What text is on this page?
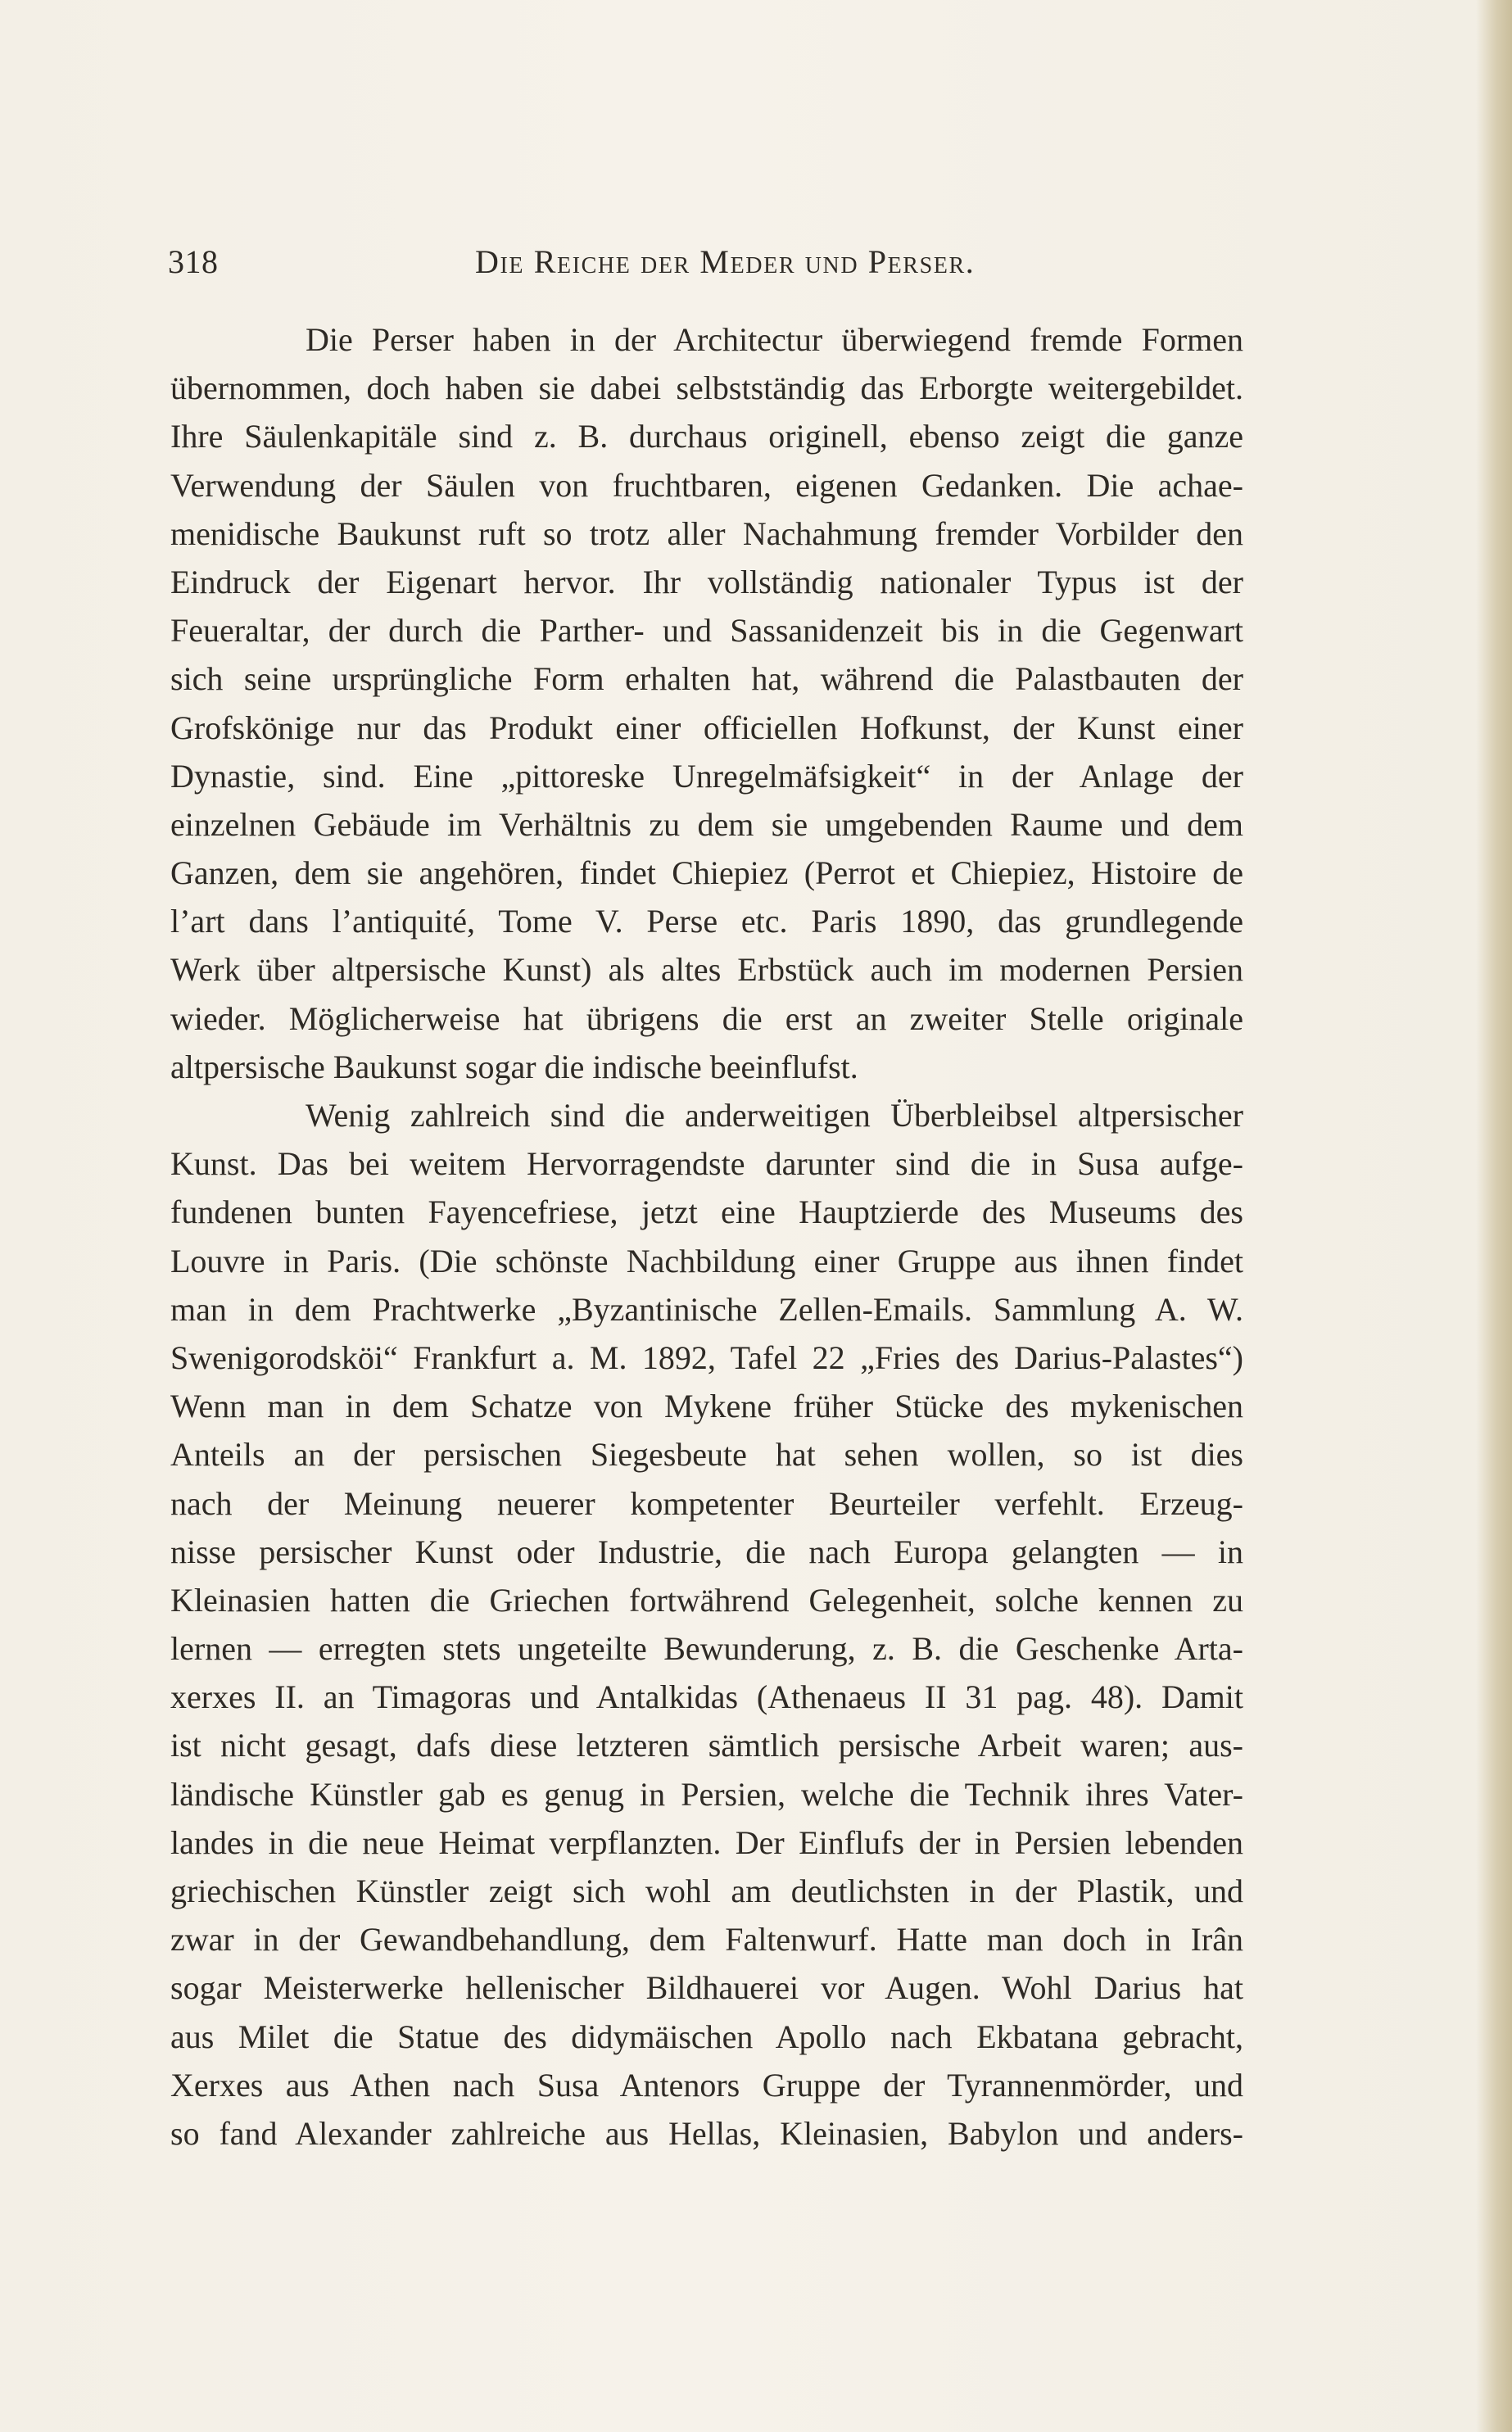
318	Die Reiche der Meder und Perser.
Die Perser haben in der Architectur überwiegend fremde Formen
übernommen, doch haben sie dabei selbstständig das Erborgte weitergebildet.
Ihre Säulenkapitäle sind z. B. durchaus originell, ebenso zeigt die ganze
Verwendung der Säulen von fruchtbaren, eigenen Gedanken. Die achae-
menidische Baukunst ruft so trotz aller Nachahmung fremder Vorbilder den
Eindruck der Eigenart hervor. Ihr vollständig nationaler Typus ist der
Feueraltar, der durch die Parther- und Sassanidenzeit bis in die Gegenwart
sich seine ursprüngliche Form erhalten hat, während die Palastbauten der
Grofskönige nur das Produkt einer officiellen Hofkunst, der Kunst einer
Dynastie, sind. Eine „pittoreske Unregelmäfsigkeit“ in der Anlage der
einzelnen Gebäude im Verhältnis zu dem sie umgebenden Raume und dem
Ganzen, dem sie angehören, findet Chiepiez (Perrot et Chiepiez, Histoire de
l’art dans l’antiquité, Tome V. Perse etc. Paris 1890, das grundlegende
Werk über altpersische Kunst) als altes Erbstück auch im modernen Persien
wieder. Möglicherweise hat übrigens die erst an zweiter Stelle originale
altpersische Baukunst sogar die indische beeinflufst.
Wenig zahlreich sind die anderweitigen Überbleibsel altpersischer
Kunst. Das bei weitem Hervorragendste darunter sind die in Susa aufge-
fundenen bunten Fayencefriese, jetzt eine Hauptzierde des Museums des
Louvre in Paris. (Die schönste Nachbildung einer Gruppe aus ihnen findet
man in dem Prachtwerke „Byzantinische Zellen-Emails. Sammlung A. W.
Swenigorodsköi“ Frankfurt a. M. 1892, Tafel 22 „Fries des Darius-Palastes“)
Wenn man in dem Schatze von Mykene früher Stücke des mykenischen
Anteils an der persischen Siegesbeute hat sehen wollen, so ist dies
nach der Meinung neuerer kompetenter Beurteiler verfehlt. Erzeug-
nisse persischer Kunst oder Industrie, die nach Europa gelangten — in
Kleinasien hatten die Griechen fortwährend Gelegenheit, solche kennen zu
lernen — erregten stets ungeteilte Bewunderung, z. B. die Geschenke Arta-
xerxes II. an Timagoras und Antalkidas (Athenaeus II 31 pag. 48). Damit
ist nicht gesagt, dafs diese letzteren sämtlich persische Arbeit waren; aus-
ländische Künstler gab es genug in Persien, welche die Technik ihres Vater-
landes in die neue Heimat verpflanzten. Der Einflufs der in Persien lebenden
griechischen Künstler zeigt sich wohl am deutlichsten in der Plastik, und
zwar in der Gewandbehandlung, dem Faltenwurf. Hatte man doch in Irân
sogar Meisterwerke hellenischer Bildhauerei vor Augen. Wohl Darius hat
aus Milet die Statue des didymäischen Apollo nach Ekbatana gebracht,
Xerxes aus Athen nach Susa Antenors Gruppe der Tyrannenmörder, und
so fand Alexander zahlreiche aus Hellas, Kleinasien, Babylon und anders-
